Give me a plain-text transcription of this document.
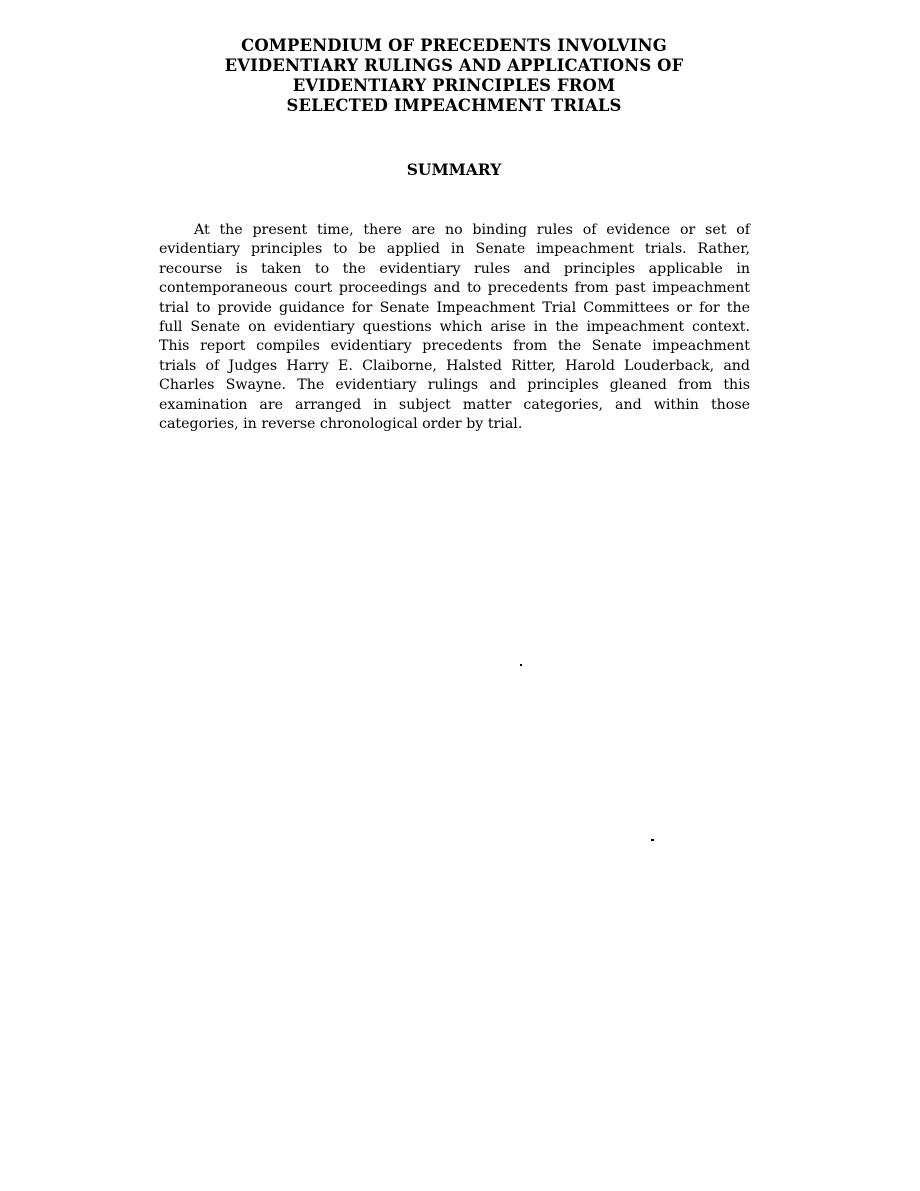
COMPENDIUM OF PRECEDENTS INVOLVING
EVIDENTIARY RULINGS AND APPLICATIONS OF
EVIDENTIARY PRINCIPLES FROM
SELECTED IMPEACHMENT TRIALS
SUMMARY
At the present time, there are no binding rules of evidence or set of
evidentiary principles to be applied in Senate impeachment trials. Rather,
recourse is taken to the evidentiary rules and principles applicable in
contemporaneous court proceedings and to precedents from past impeachment
trial to provide guidance for Senate Impeachment Trial Committees or for the
full Senate on evidentiary questions which arise in the impeachment context.
This report compiles evidentiary precedents from the Senate impeachment
trials of Judges Harry E. Claiborne, Halsted Ritter, Harold Louderback, and
Charles Swayne. The evidentiary rulings and principles gleaned from this
examination are arranged in subject matter categories, and within those
categories, in reverse chronological order by trial.
